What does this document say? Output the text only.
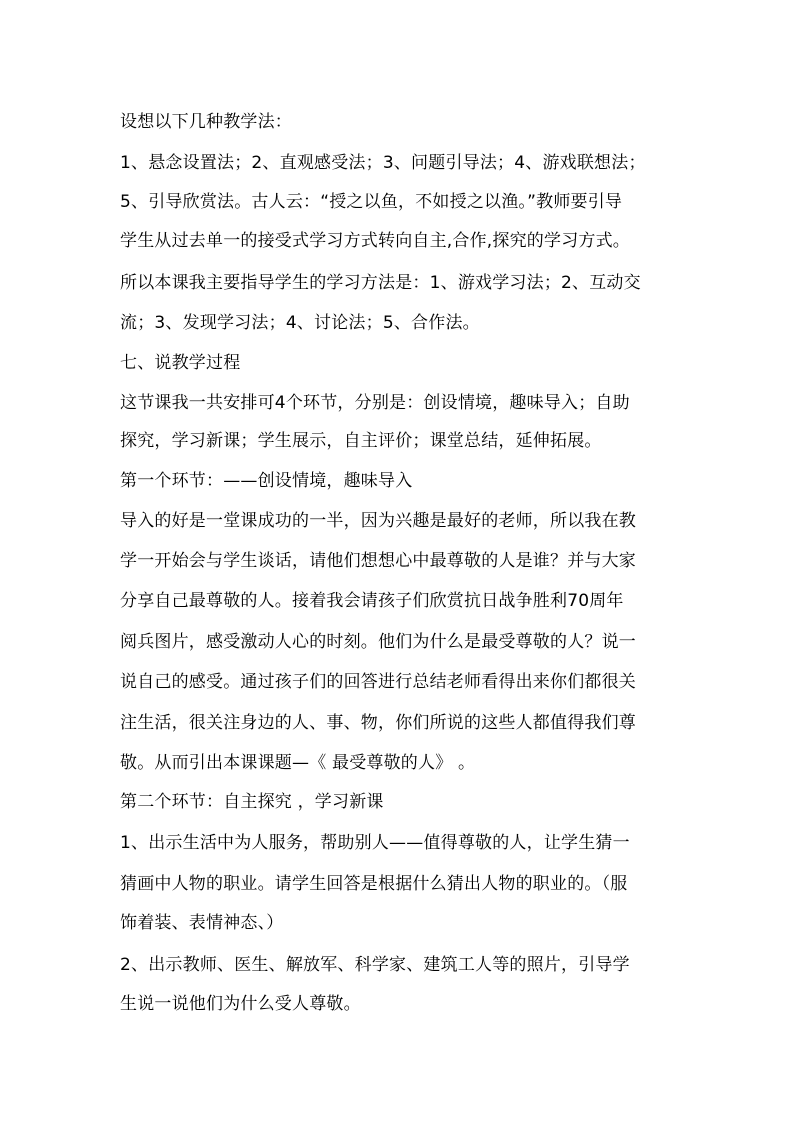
设想以下几种教学法：
1、悬念设置法；2、直观感受法；3、问题引导法；4、游戏联想法；
5、引导欣赏法。古人云：“授之以鱼，不如授之以渔。”教师要引导
学生从过去单一的接受式学习方式转向自主,合作,探究的学习方式。
所以本课我主要指导学生的学习方法是：1、游戏学习法；2、互动交
流；3、发现学习法；4、讨论法；5、合作法。
七、说教学过程
这节课我一共安排可4个环节，分别是：创设情境，趣味导入；自助
探究，学习新课；学生展示，自主评价；课堂总结，延伸拓展。
第一个环节：——创设情境，趣味导入
导入的好是一堂课成功的一半，因为兴趣是最好的老师，所以我在教
学一开始会与学生谈话，请他们想想心中最尊敬的人是谁？并与大家
分享自己最尊敬的人。接着我会请孩子们欣赏抗日战争胜利70周年
阅兵图片，感受激动人心的时刻。他们为什么是最受尊敬的人？说一
说自己的感受。通过孩子们的回答进行总结老师看得出来你们都很关
注生活，很关注身边的人、事、物，你们所说的这些人都值得我们尊
敬。从而引出本课课题—《 最受尊敬的人》 。
第二个环节：自主探究 ，学习新课
1、出示生活中为人服务，帮助别人——值得尊敬的人，让学生猜一
猜画中人物的职业。请学生回答是根据什么猜出人物的职业的。（服
饰着装、表情神态、）
2、出示教师、医生、解放军、科学家、建筑工人等的照片，引导学
生说一说他们为什么受人尊敬。
